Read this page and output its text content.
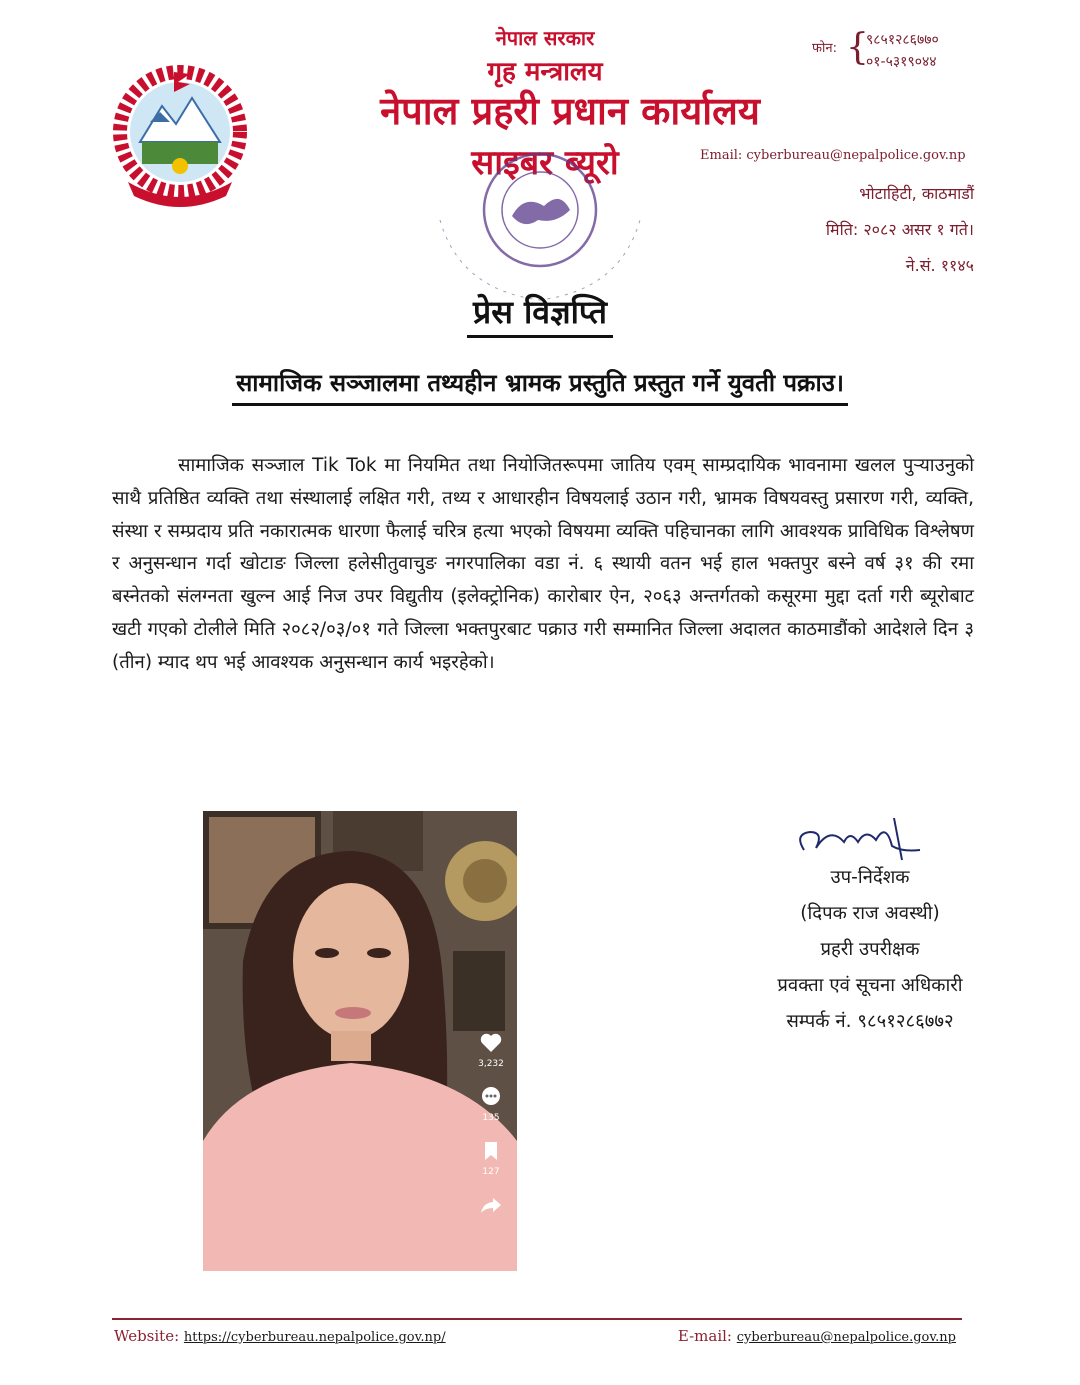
नेपाल सरकार
गृह मन्त्रालय
नेपाल प्रहरी प्रधान कार्यालय
साइबर ब्यूरो
फोन: {
९८५१२८६७७०
०१-५३१९०४४
Email: cyberbureau@nepalpolice.gov.np
भोटाहिटी, काठमाडौं
मिति: २०८२ असर १ गते।
ने.सं. ११४५
प्रेस विज्ञप्ति
सामाजिक सञ्जालमा तथ्यहीन भ्रामक प्रस्तुति प्रस्तुत गर्ने युवती पक्राउ।
सामाजिक सञ्जाल Tik Tok मा नियमित तथा नियोजितरूपमा जातिय एवम् साम्प्रदायिक भावनामा खलल पुर्‍याउनुको साथै प्रतिष्ठित व्यक्ति तथा संस्थालाई लक्षित गरी, तथ्य र आधारहीन विषयलाई उठान गरी, भ्रामक विषयवस्तु प्रसारण गरी, व्यक्ति, संस्था र सम्प्रदाय प्रति नकारात्मक धारणा फैलाई चरित्र हत्या भएको विषयमा व्यक्ति पहिचानका लागि आवश्यक प्राविधिक विश्लेषण र अनुसन्धान गर्दा खोटाङ जिल्ला हलेसीतुवाचुङ नगरपालिका वडा नं. ६ स्थायी वतन भई हाल भक्तपुर बस्ने वर्ष ३१ की रमा बस्नेतको संलग्नता खुल्न आई निज उपर विद्युतीय (इलेक्ट्रोनिक) कारोबार ऐन, २०६३ अन्तर्गतको कसूरमा मुद्दा दर्ता गरी ब्यूरोबाट खटी गएको टोलीले मिति २०८२/०३/०१ गते जिल्ला भक्तपुरबाट पक्राउ गरी सम्मानित जिल्ला अदालत काठमाडौंको आदेशले दिन ३ (तीन) म्याद थप भई आवश्यक अनुसन्धान कार्य भइरहेको।
3,232
135
127
उप-निर्देशक
(दिपक राज अवस्थी)
प्रहरी उपरीक्षक
प्रवक्ता एवं सूचना अधिकारी
सम्पर्क नं. ९८५१२८६७७२
Website: https://cyberbureau.nepalpolice.gov.np/	E-mail: cyberbureau@nepalpolice.gov.np
